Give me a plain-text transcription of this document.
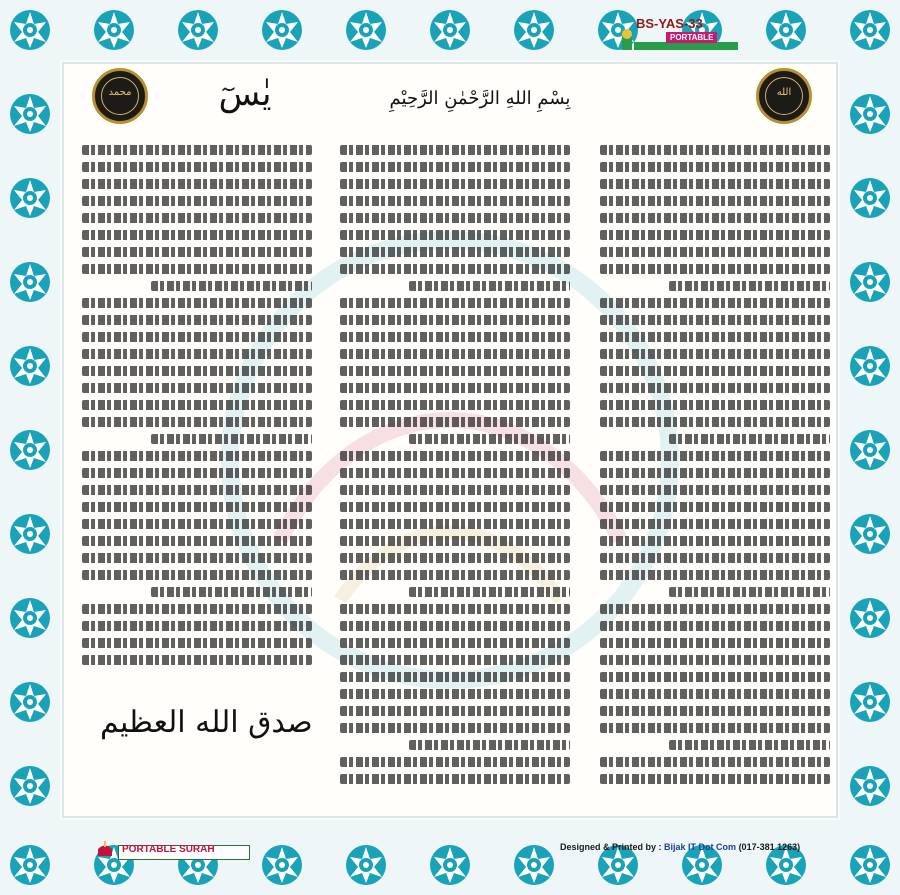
BS-YAS-33
PORTABLE
محمد	الله
يٰسٓ	بِسْمِ اللهِ الرَّحْمٰنِ الرَّحِيْمِ
صدق الله العظيم
PORTABLE SURAH	Designed & Printed by : Bijak IT Dot Com (017-381 1263)
